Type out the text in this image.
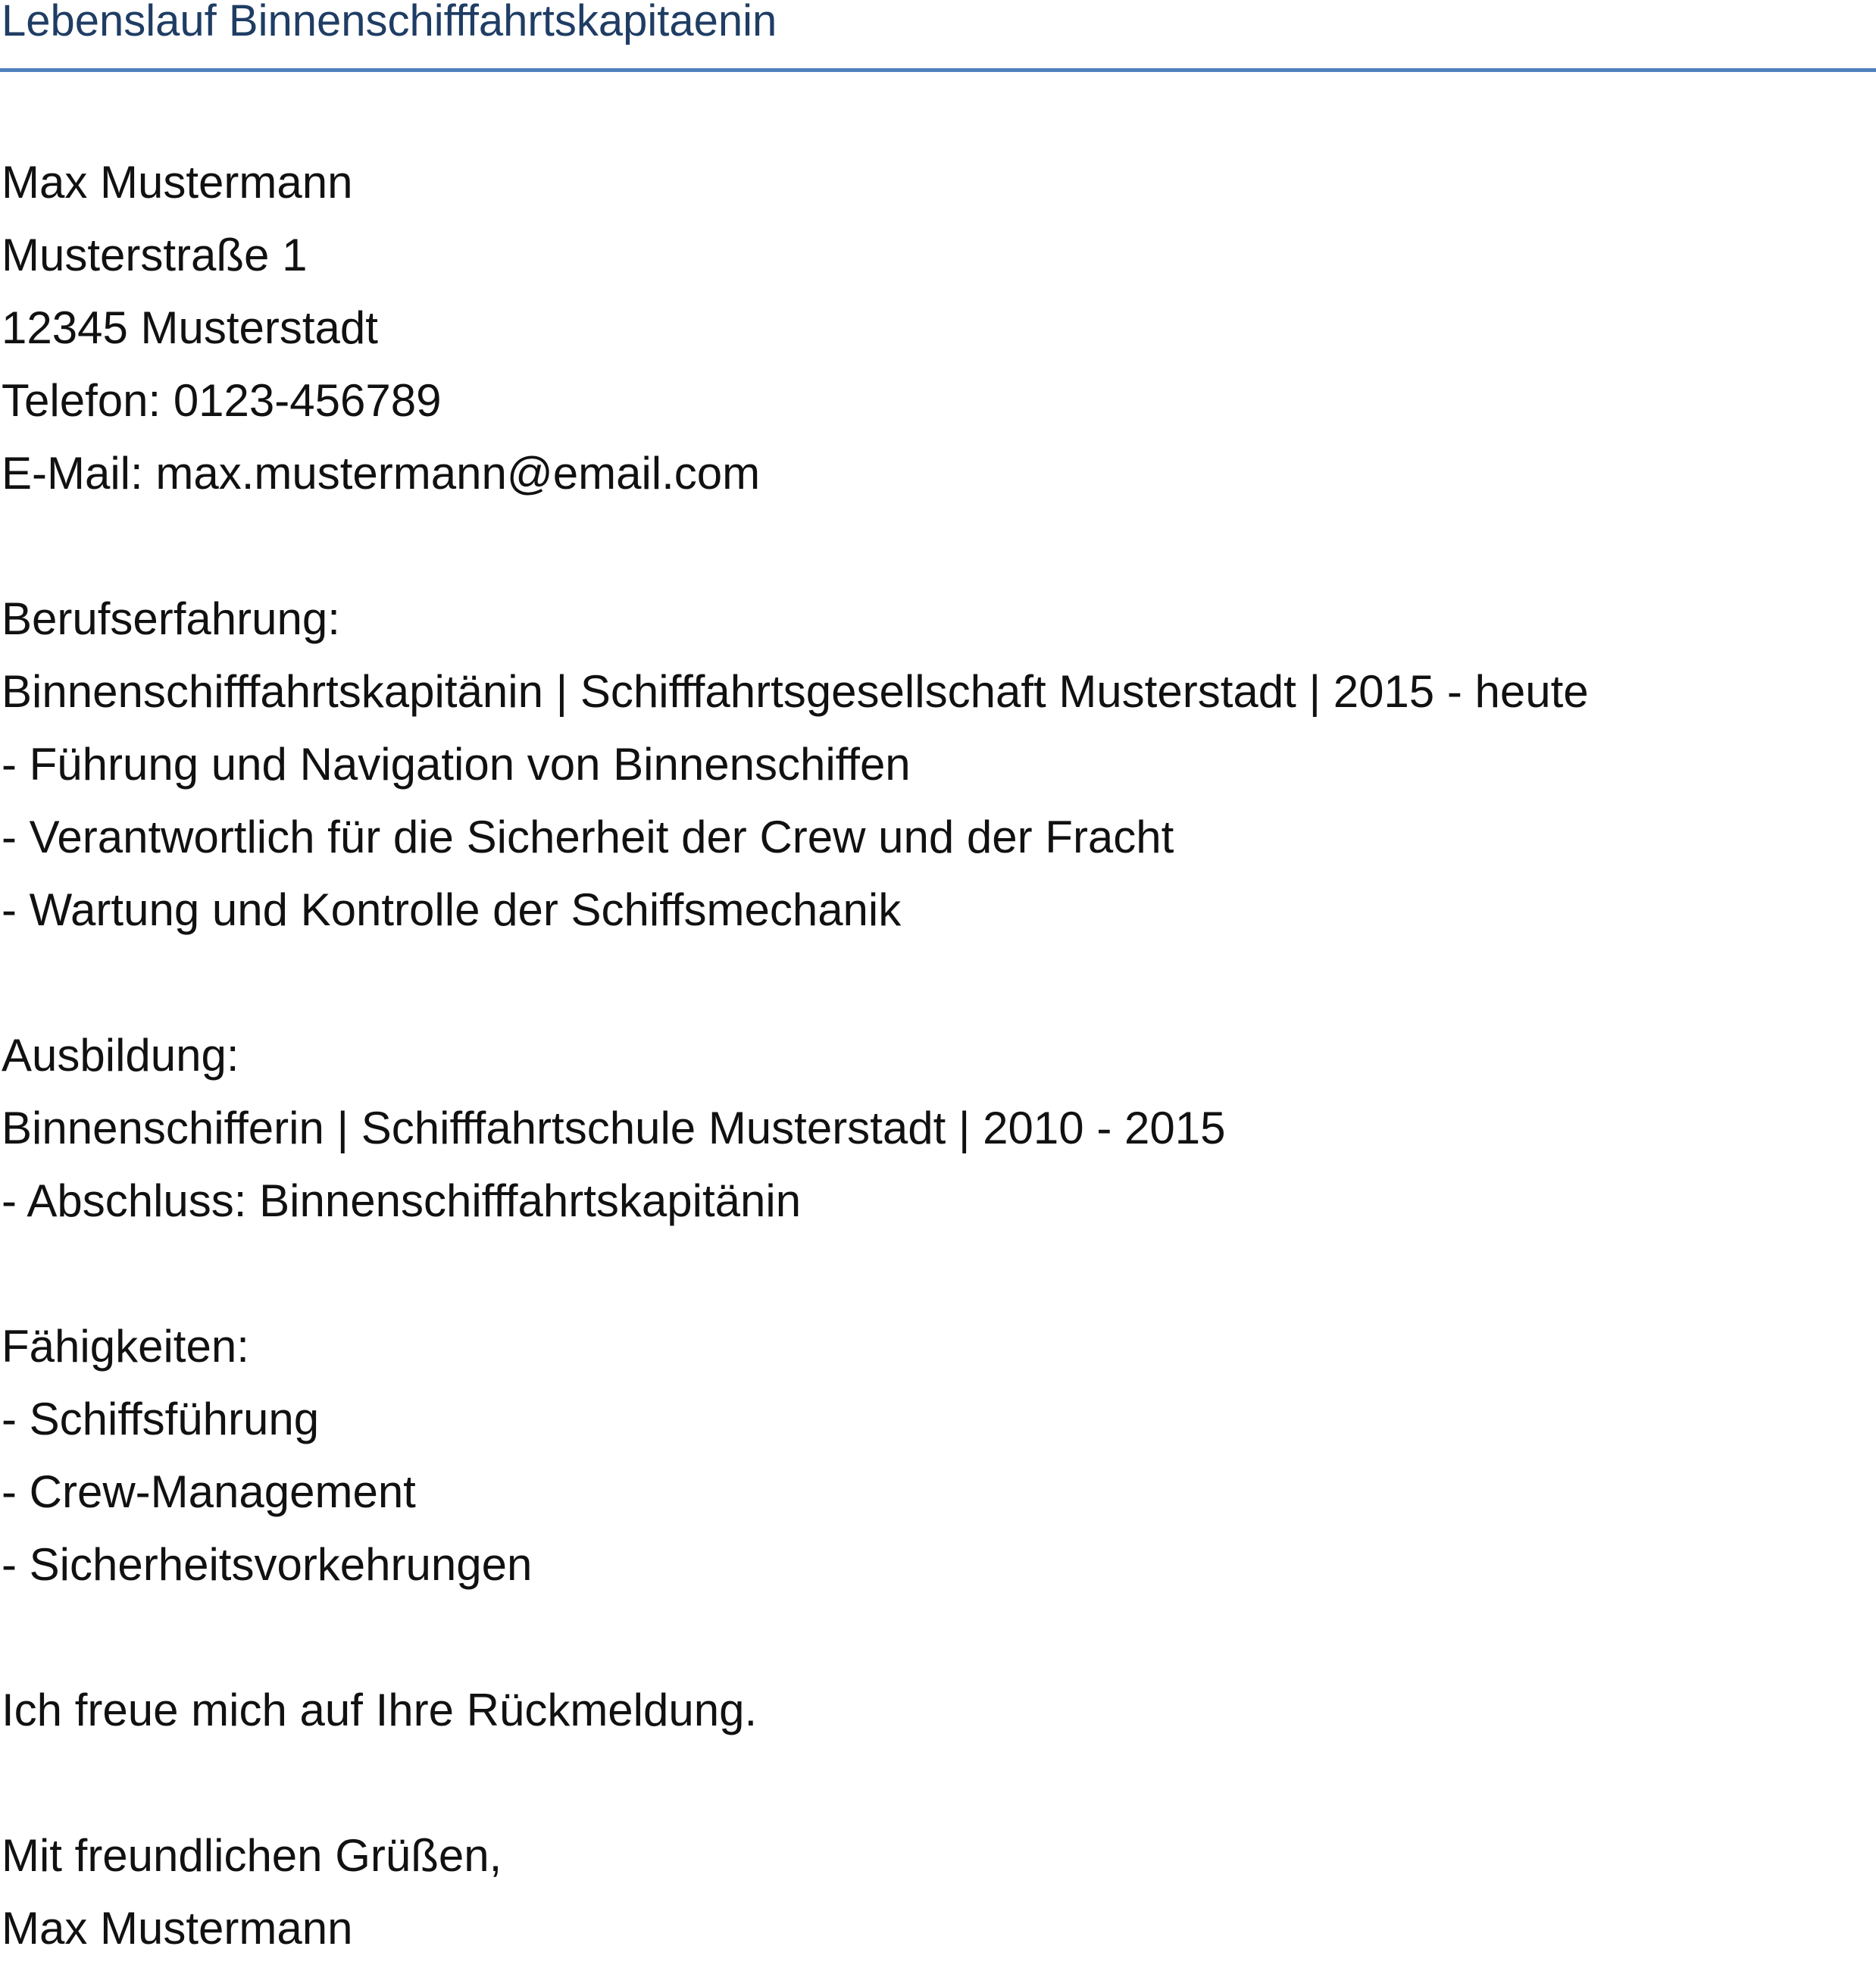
Lebenslauf Binnenschifffahrtskapitaenin
Max Mustermann
Musterstraße 1
12345 Musterstadt
Telefon: 0123-456789
E-Mail: max.mustermann@email.com
Berufserfahrung:
Binnenschifffahrtskapitänin | Schifffahrtsgesellschaft Musterstadt | 2015 - heute
- Führung und Navigation von Binnenschiffen
- Verantwortlich für die Sicherheit der Crew und der Fracht
- Wartung und Kontrolle der Schiffsmechanik
Ausbildung:
Binnenschifferin | Schifffahrtschule Musterstadt | 2010 - 2015
- Abschluss: Binnenschifffahrtskapitänin
Fähigkeiten:
- Schiffsführung
- Crew-Management
- Sicherheitsvorkehrungen
Ich freue mich auf Ihre Rückmeldung.
Mit freundlichen Grüßen,
Max Mustermann
